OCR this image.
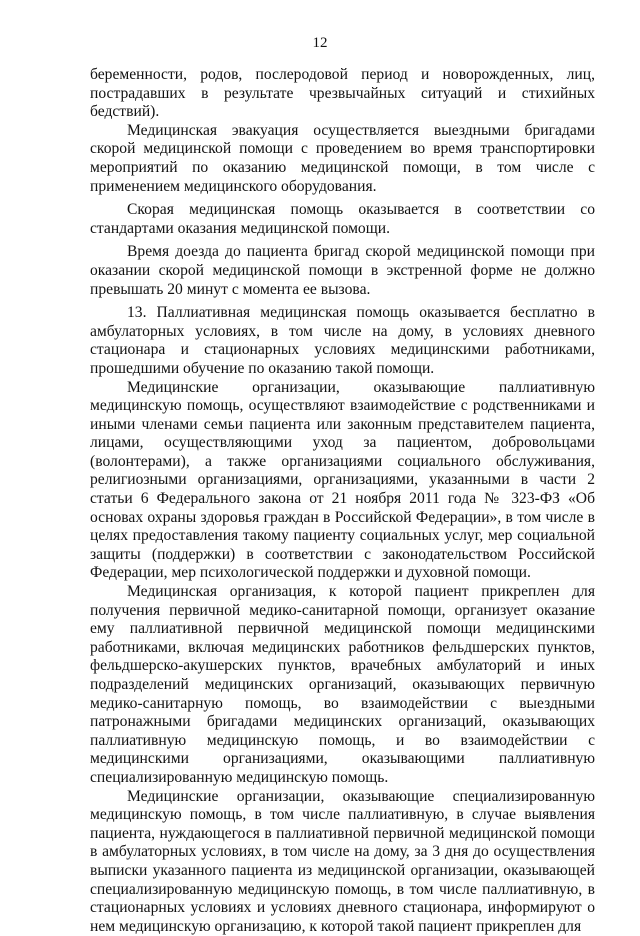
12

беременности, родов, послеродовой период и новорожденных, лиц, пострадавших в результате чрезвычайных ситуаций и стихийных бедствий).

Медицинская эвакуация осуществляется выездными бригадами скорой медицинской помощи с проведением во время транспортировки мероприятий по оказанию медицинской помощи, в том числе с применением медицинского оборудования.

Скорая медицинская помощь оказывается в соответствии со стандартами оказания медицинской помощи.

Время доезда до пациента бригад скорой медицинской помощи при оказании скорой медицинской помощи в экстренной форме не должно превышать 20 минут с момента ее вызова.

13. Паллиативная медицинская помощь оказывается бесплатно в амбулаторных условиях, в том числе на дому, в условиях дневного стационара и стационарных условиях медицинскими работниками, прошедшими обучение по оказанию такой помощи.

Медицинские организации, оказывающие паллиативную медицинскую помощь, осуществляют взаимодействие с родственниками и иными членами семьи пациента или законным представителем пациента, лицами, осуществляющими уход за пациентом, добровольцами (волонтерами), а также организациями социального обслуживания, религиозными организациями, организациями, указанными в части 2 статьи 6 Федерального закона от 21 ноября 2011 года № 323-ФЗ «Об основах охраны здоровья граждан в Российской Федерации», в том числе в целях предоставления такому пациенту социальных услуг, мер социальной защиты (поддержки) в соответствии с законодательством Российской Федерации, мер психологической поддержки и духовной помощи.

Медицинская организация, к которой пациент прикреплен для получения первичной медико-санитарной помощи, организует оказание ему паллиативной первичной медицинской помощи медицинскими работниками, включая медицинских работников фельдшерских пунктов, фельдшерско-акушерских пунктов, врачебных амбулаторий и иных подразделений медицинских организаций, оказывающих первичную медико-санитарную помощь, во взаимодействии с выездными патронажными бригадами медицинских организаций, оказывающих паллиативную медицинскую помощь, и во взаимодействии с медицинскими организациями, оказывающими паллиативную специализированную медицинскую помощь.

Медицинские организации, оказывающие специализированную медицинскую помощь, в том числе паллиативную, в случае выявления пациента, нуждающегося в паллиативной первичной медицинской помощи в амбулаторных условиях, в том числе на дому, за 3 дня до осуществления выписки указанного пациента из медицинской организации, оказывающей специализированную медицинскую помощь, в том числе паллиативную, в стационарных условиях и условиях дневного стационара, информируют о нем медицинскую организацию, к которой такой пациент прикреплен для
